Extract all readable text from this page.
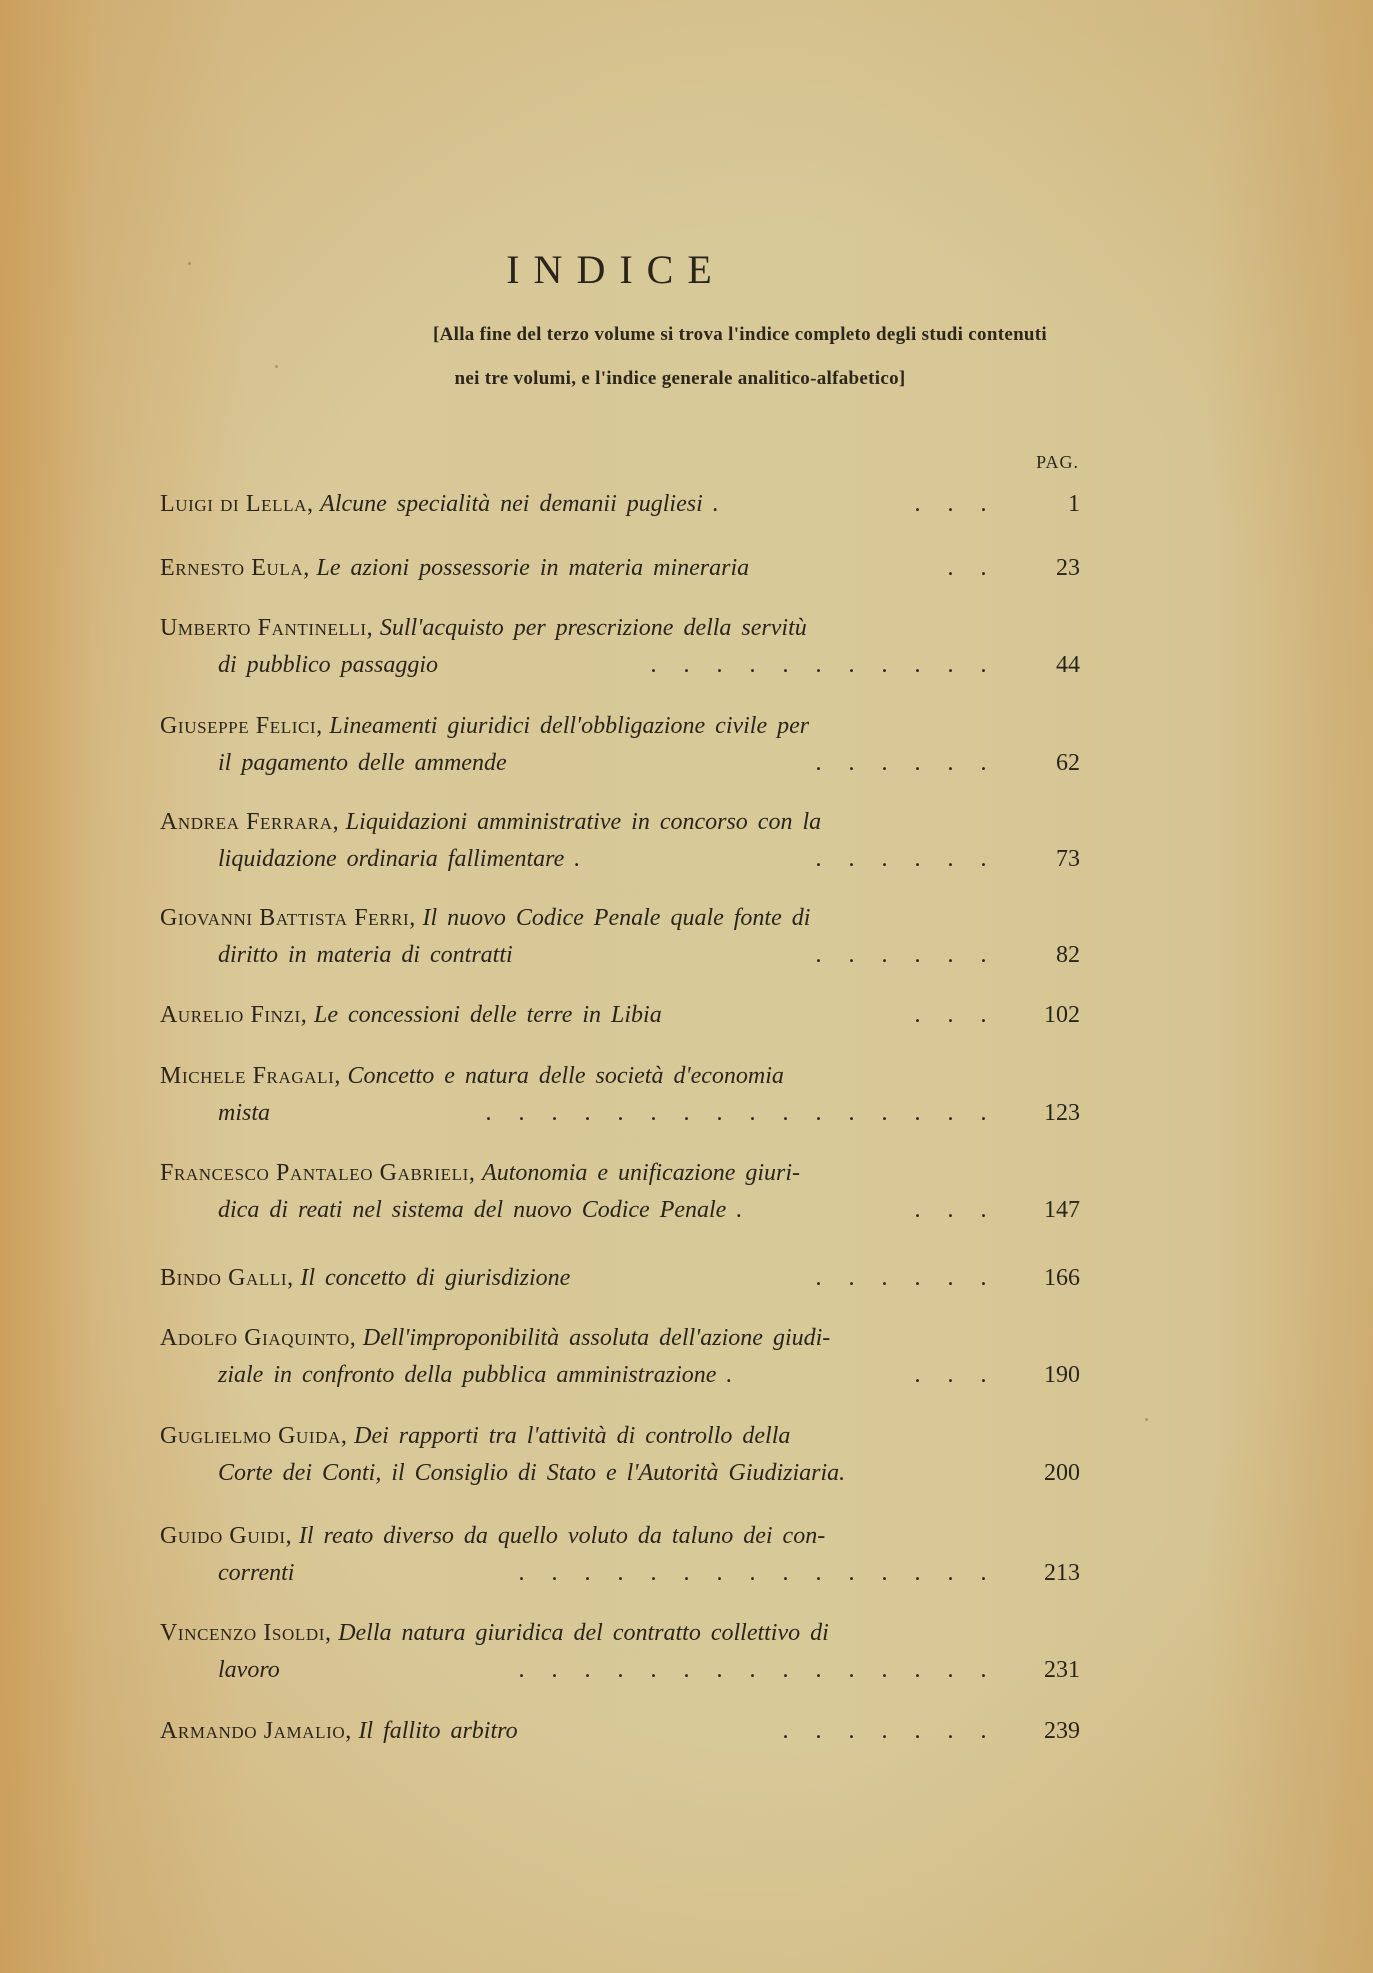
INDICE
[Alla fine del terzo volume si trova l'indice completo degli studi contenuti
nei tre volumi, e l'indice generale analitico-alfabetico]
PAG.
Luigi di Lella, Alcune specialità nei demanii pugliesi .	. . .	1
Ernesto Eula, Le azioni possessorie in materia mineraria	. .	23
Umberto Fantinelli, Sull'acquisto per prescrizione della servitù
di pubblico passaggio	. . . . . . . . . . .	44
Giuseppe Felici, Lineamenti giuridici dell'obbligazione civile per
il pagamento delle ammende	. . . . . .	62
Andrea Ferrara, Liquidazioni amministrative in concorso con la
liquidazione ordinaria fallimentare .	. . . . . .	73
Giovanni Battista Ferri, Il nuovo Codice Penale quale fonte di
diritto in materia di contratti	. . . . . .	82
Aurelio Finzi, Le concessioni delle terre in Libia	. . .	102
Michele Fragali, Concetto e natura delle società d'economia
mista	. . . . . . . . . . . . . . . .	123
Francesco Pantaleo Gabrieli, Autonomia e unificazione giuri-
dica di reati nel sistema del nuovo Codice Penale .	. . .	147
Bindo Galli, Il concetto di giurisdizione	. . . . . .	166
Adolfo Giaquinto, Dell'improponibilità assoluta dell'azione giudi-
ziale in confronto della pubblica amministrazione .	. . .	190
Guglielmo Guida, Dei rapporti tra l'attività di controllo della
Corte dei Conti, il Consiglio di Stato e l'Autorità Giudiziaria.	200
Guido Guidi, Il reato diverso da quello voluto da taluno dei con-
correnti	. . . . . . . . . . . . . . .	213
Vincenzo Isoldi, Della natura giuridica del contratto collettivo di
lavoro	. . . . . . . . . . . . . . .	231
Armando Jamalio, Il fallito arbitro	. . . . . . .	239
